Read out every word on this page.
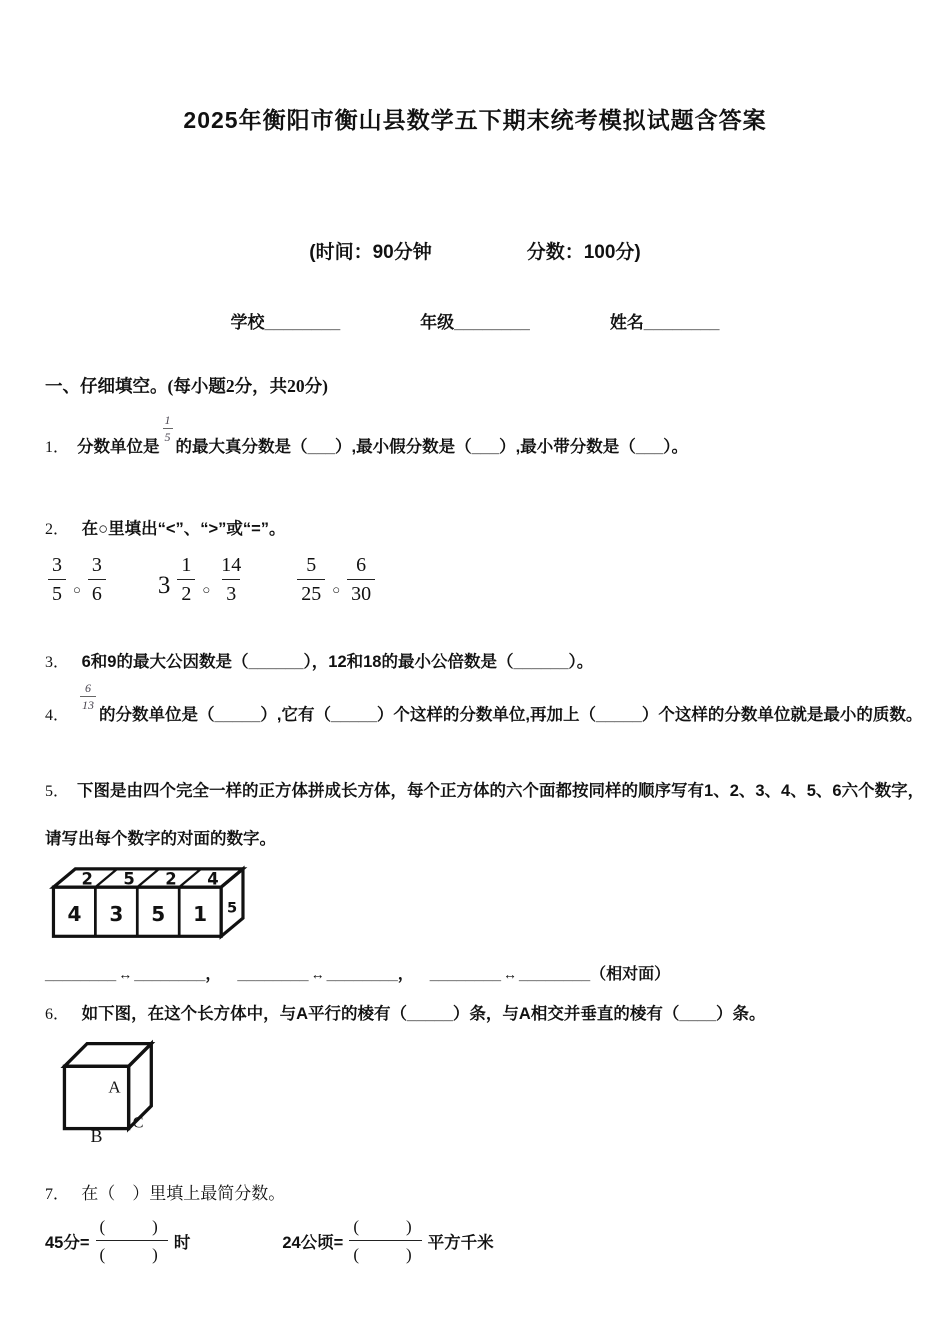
2025年衡阳市衡山县数学五下期末统考模拟试题含答案
(时间：90分钟	分数：100分)
学校________	年级________	姓名________
一、仔细填空。(每小题2分，共20分)
1． 分数单位是
$\frac{1}{5}$
的最大真分数是（___）,最小假分数是（___）,最小带分数是（___）。
2． 在○里填出“<”、“>”或“=”。
$\frac{3}{5}$ ○ $\frac{3}{6} 3 \frac{1}{2}$ ○ $\frac{14}{3}$	$\frac{5}{25}$ ○ $\frac{6}{30}$
3． 6和9的最大公因数是（______），12和18的最小公倍数是（______）。
4．
$\frac{6}{13}$
的分数单位是（_____）,它有（_____）个这样的分数单位,再加上（_____）个这样的分数单位就是最小的质数。
5． 下图是由四个完全一样的正方体拼成长方体，每个正方体的六个面都按同样的顺序写有1、2、3、4、5、6六个数字，
请写出每个数字的对面的数字。
4 3 5 1
2 5 2 4
5
________ ↔ ________， ________ ↔ ________， ________ ↔ ________（相对面）
6． 如下图，在这个长方体中，与A平行的棱有（_____）条，与A相交并垂直的棱有（____）条。
A
B
C
7． 在（　）里填上最简分数。
45分=
(    )
(    )
时	24公顷=
(    )
(    )
平方千米
